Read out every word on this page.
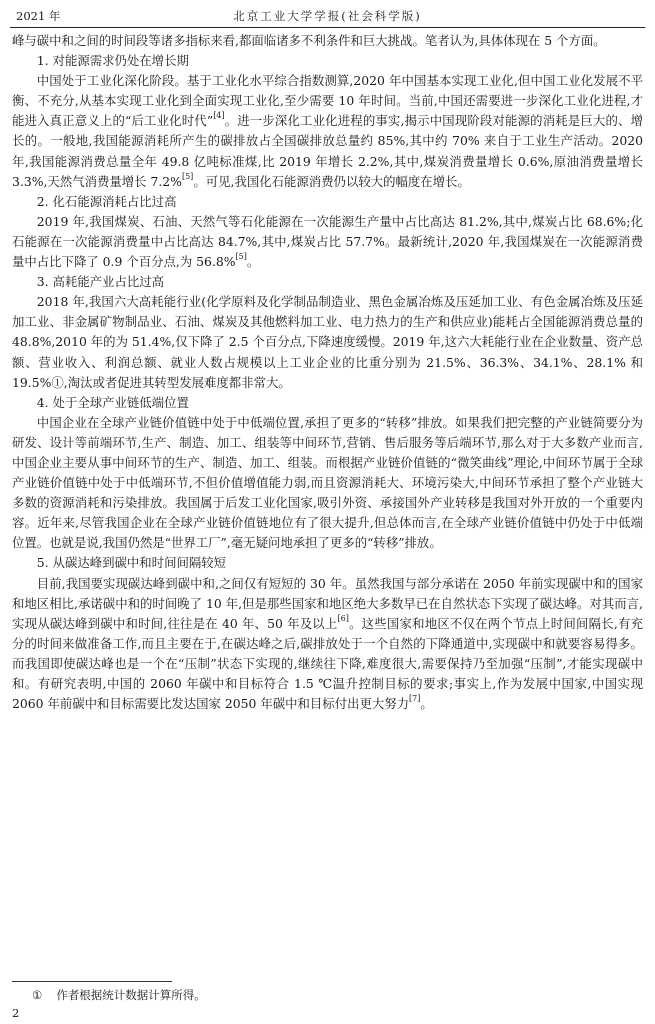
2021 年	北京工业大学学报(社会科学版)

峰与碳中和之间的时间段等诸多指标来看,都面临诸多不利条件和巨大挑战。笔者认为,具体体现在 5 个方面。

1. 对能源需求仍处在增长期

中国处于工业化深化阶段。基于工业化水平综合指数测算,2020 年中国基本实现工业化,但中国工业化发展不平衡、不充分,从基本实现工业化到全面实现工业化,至少需要 10 年时间。当前,中国还需要进一步深化工业化进程,才能进入真正意义上的“后工业化时代”[4]。进一步深化工业化进程的事实,揭示中国现阶段对能源的消耗是巨大的、增长的。一般地,我国能源消耗所产生的碳排放占全国碳排放总量约 85%,其中约 70% 来自于工业生产活动。2020 年,我国能源消费总量全年 49.8 亿吨标准煤,比 2019 年增长 2.2%,其中,煤炭消费量增长 0.6%,原油消费量增长 3.3%,天然气消费量增长 7.2%[5]。可见,我国化石能源消费仍以较大的幅度在增长。

2. 化石能源消耗占比过高

2019 年,我国煤炭、石油、天然气等石化能源在一次能源生产量中占比高达 81.2%,其中,煤炭占比 68.6%;化石能源在一次能源消费量中占比高达 84.7%,其中,煤炭占比 57.7%。最新统计,2020 年,我国煤炭在一次能源消费量中占比下降了 0.9 个百分点,为 56.8%[5]。

3. 高耗能产业占比过高

2018 年,我国六大高耗能行业(化学原料及化学制品制造业、黑色金属冶炼及压延加工业、有色金属冶炼及压延加工业、非金属矿物制品业、石油、煤炭及其他燃料加工业、电力热力的生产和供应业)能耗占全国能源消费总量的 48.8%,2010 年的为 51.4%,仅下降了 2.5 个百分点,下降速度缓慢。2019 年,这六大耗能行业在企业数量、资产总额、营业收入、利润总额、就业人数占规模以上工业企业的比重分别为 21.5%、36.3%、34.1%、28.1% 和 19.5%①,淘汰或者促进其转型发展难度都非常大。

4. 处于全球产业链低端位置

中国企业在全球产业链价值链中处于中低端位置,承担了更多的“转移”排放。如果我们把完整的产业链简要分为研发、设计等前端环节,生产、制造、加工、组装等中间环节,营销、售后服务等后端环节,那么对于大多数产业而言,中国企业主要从事中间环节的生产、制造、加工、组装。而根据产业链价值链的“微笑曲线”理论,中间环节属于全球产业链价值链中处于中低端环节,不但价值增值能力弱,而且资源消耗大、环境污染大,中间环节承担了整个产业链大多数的资源消耗和污染排放。我国属于后发工业化国家,吸引外资、承接国外产业转移是我国对外开放的一个重要内容。近年来,尽管我国企业在全球产业链价值链地位有了很大提升,但总体而言,在全球产业链价值链中仍处于中低端位置。也就是说,我国仍然是“世界工厂”,毫无疑问地承担了更多的“转移”排放。

5. 从碳达峰到碳中和时间间隔较短

目前,我国要实现碳达峰到碳中和,之间仅有短短的 30 年。虽然我国与部分承诺在 2050 年前实现碳中和的国家和地区相比,承诺碳中和的时间晚了 10 年,但是那些国家和地区绝大多数早已在自然状态下实现了碳达峰。对其而言,实现从碳达峰到碳中和时间,往往是在 40 年、50 年及以上[6]。这些国家和地区不仅在两个节点上时间间隔长,有充分的时间来做准备工作,而且主要在于,在碳达峰之后,碳排放处于一个自然的下降通道中,实现碳中和就要容易得多。而我国即使碳达峰也是一个在“压制”状态下实现的,继续往下降,难度很大,需要保持乃至加强“压制”,才能实现碳中和。有研究表明,中国的 2060 年碳中和目标符合 1.5 ℃温升控制目标的要求;事实上,作为发展中国家,中国实现 2060 年前碳中和目标需要比发达国家 2050 年碳中和目标付出更大努力[7]。

① 作者根据统计数据计算所得。
2
